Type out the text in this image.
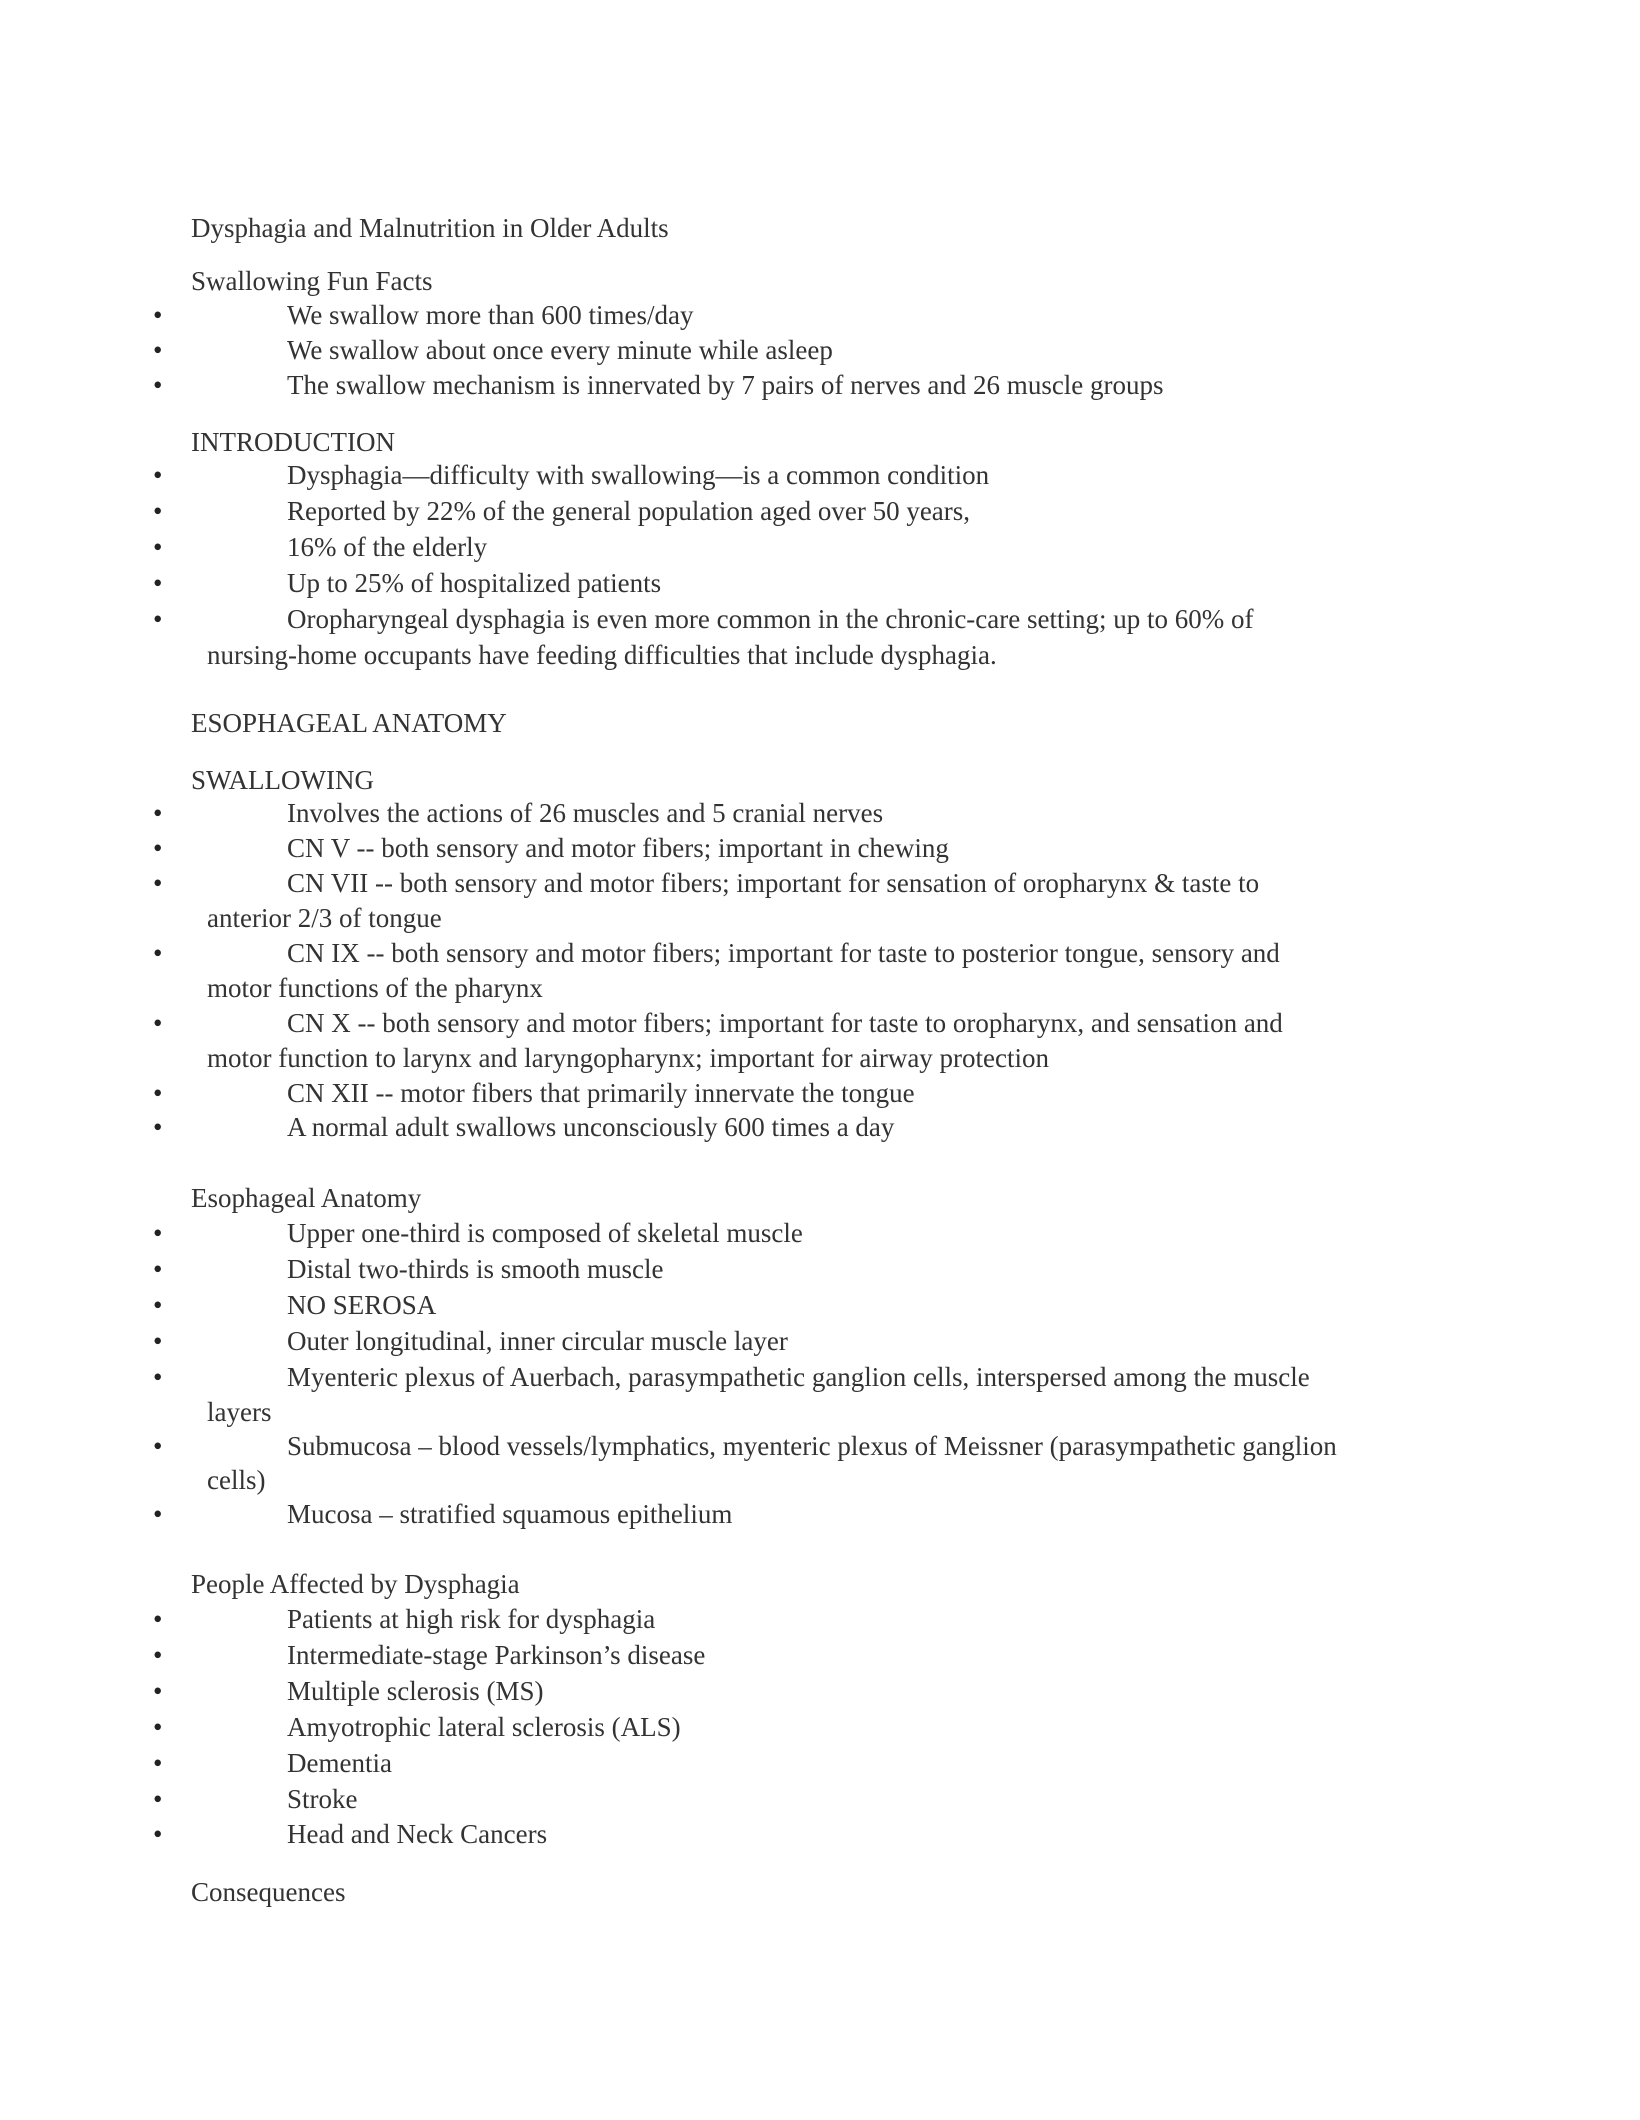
Dysphagia and Malnutrition in Older Adults
Swallowing Fun Facts
•	We swallow more than 600 times/day
•	We swallow about once every minute while asleep
•	The swallow mechanism is innervated by 7 pairs of nerves and 26 muscle groups
INTRODUCTION
•	Dysphagia—difficulty with swallowing—is a common condition
•	Reported by 22% of the general population aged over 50 years,
•	16% of the elderly
•	Up to 25% of hospitalized patients
•	Oropharyngeal dysphagia is even more common in the chronic-care setting; up to 60% of
nursing-home occupants have feeding difficulties that include dysphagia.
ESOPHAGEAL ANATOMY
SWALLOWING
•	Involves the actions of 26 muscles and 5 cranial nerves
•	CN V -- both sensory and motor fibers; important in chewing
•	CN VII -- both sensory and motor fibers; important for sensation of oropharynx & taste to
anterior 2/3 of tongue
•	CN IX -- both sensory and motor fibers; important for taste to posterior tongue, sensory and
motor functions of the pharynx
•	CN X -- both sensory and motor fibers; important for taste to oropharynx, and sensation and
motor function to larynx and laryngopharynx; important for airway protection
•	CN XII -- motor fibers that primarily innervate the tongue
•	A normal adult swallows unconsciously 600 times a day
Esophageal Anatomy
•	Upper one-third is composed of skeletal muscle
•	Distal two-thirds is smooth muscle
•	NO SEROSA
•	Outer longitudinal, inner circular muscle layer
•	Myenteric plexus of Auerbach, parasympathetic ganglion cells, interspersed among the muscle
layers
•	Submucosa – blood vessels/lymphatics, myenteric plexus of Meissner (parasympathetic ganglion
cells)
•	Mucosa – stratified squamous epithelium
People Affected by Dysphagia
•	Patients at high risk for dysphagia
•	Intermediate-stage Parkinson’s disease
•	Multiple sclerosis (MS)
•	Amyotrophic lateral sclerosis (ALS)
•	Dementia
•	Stroke
•	Head and Neck Cancers
Consequences
